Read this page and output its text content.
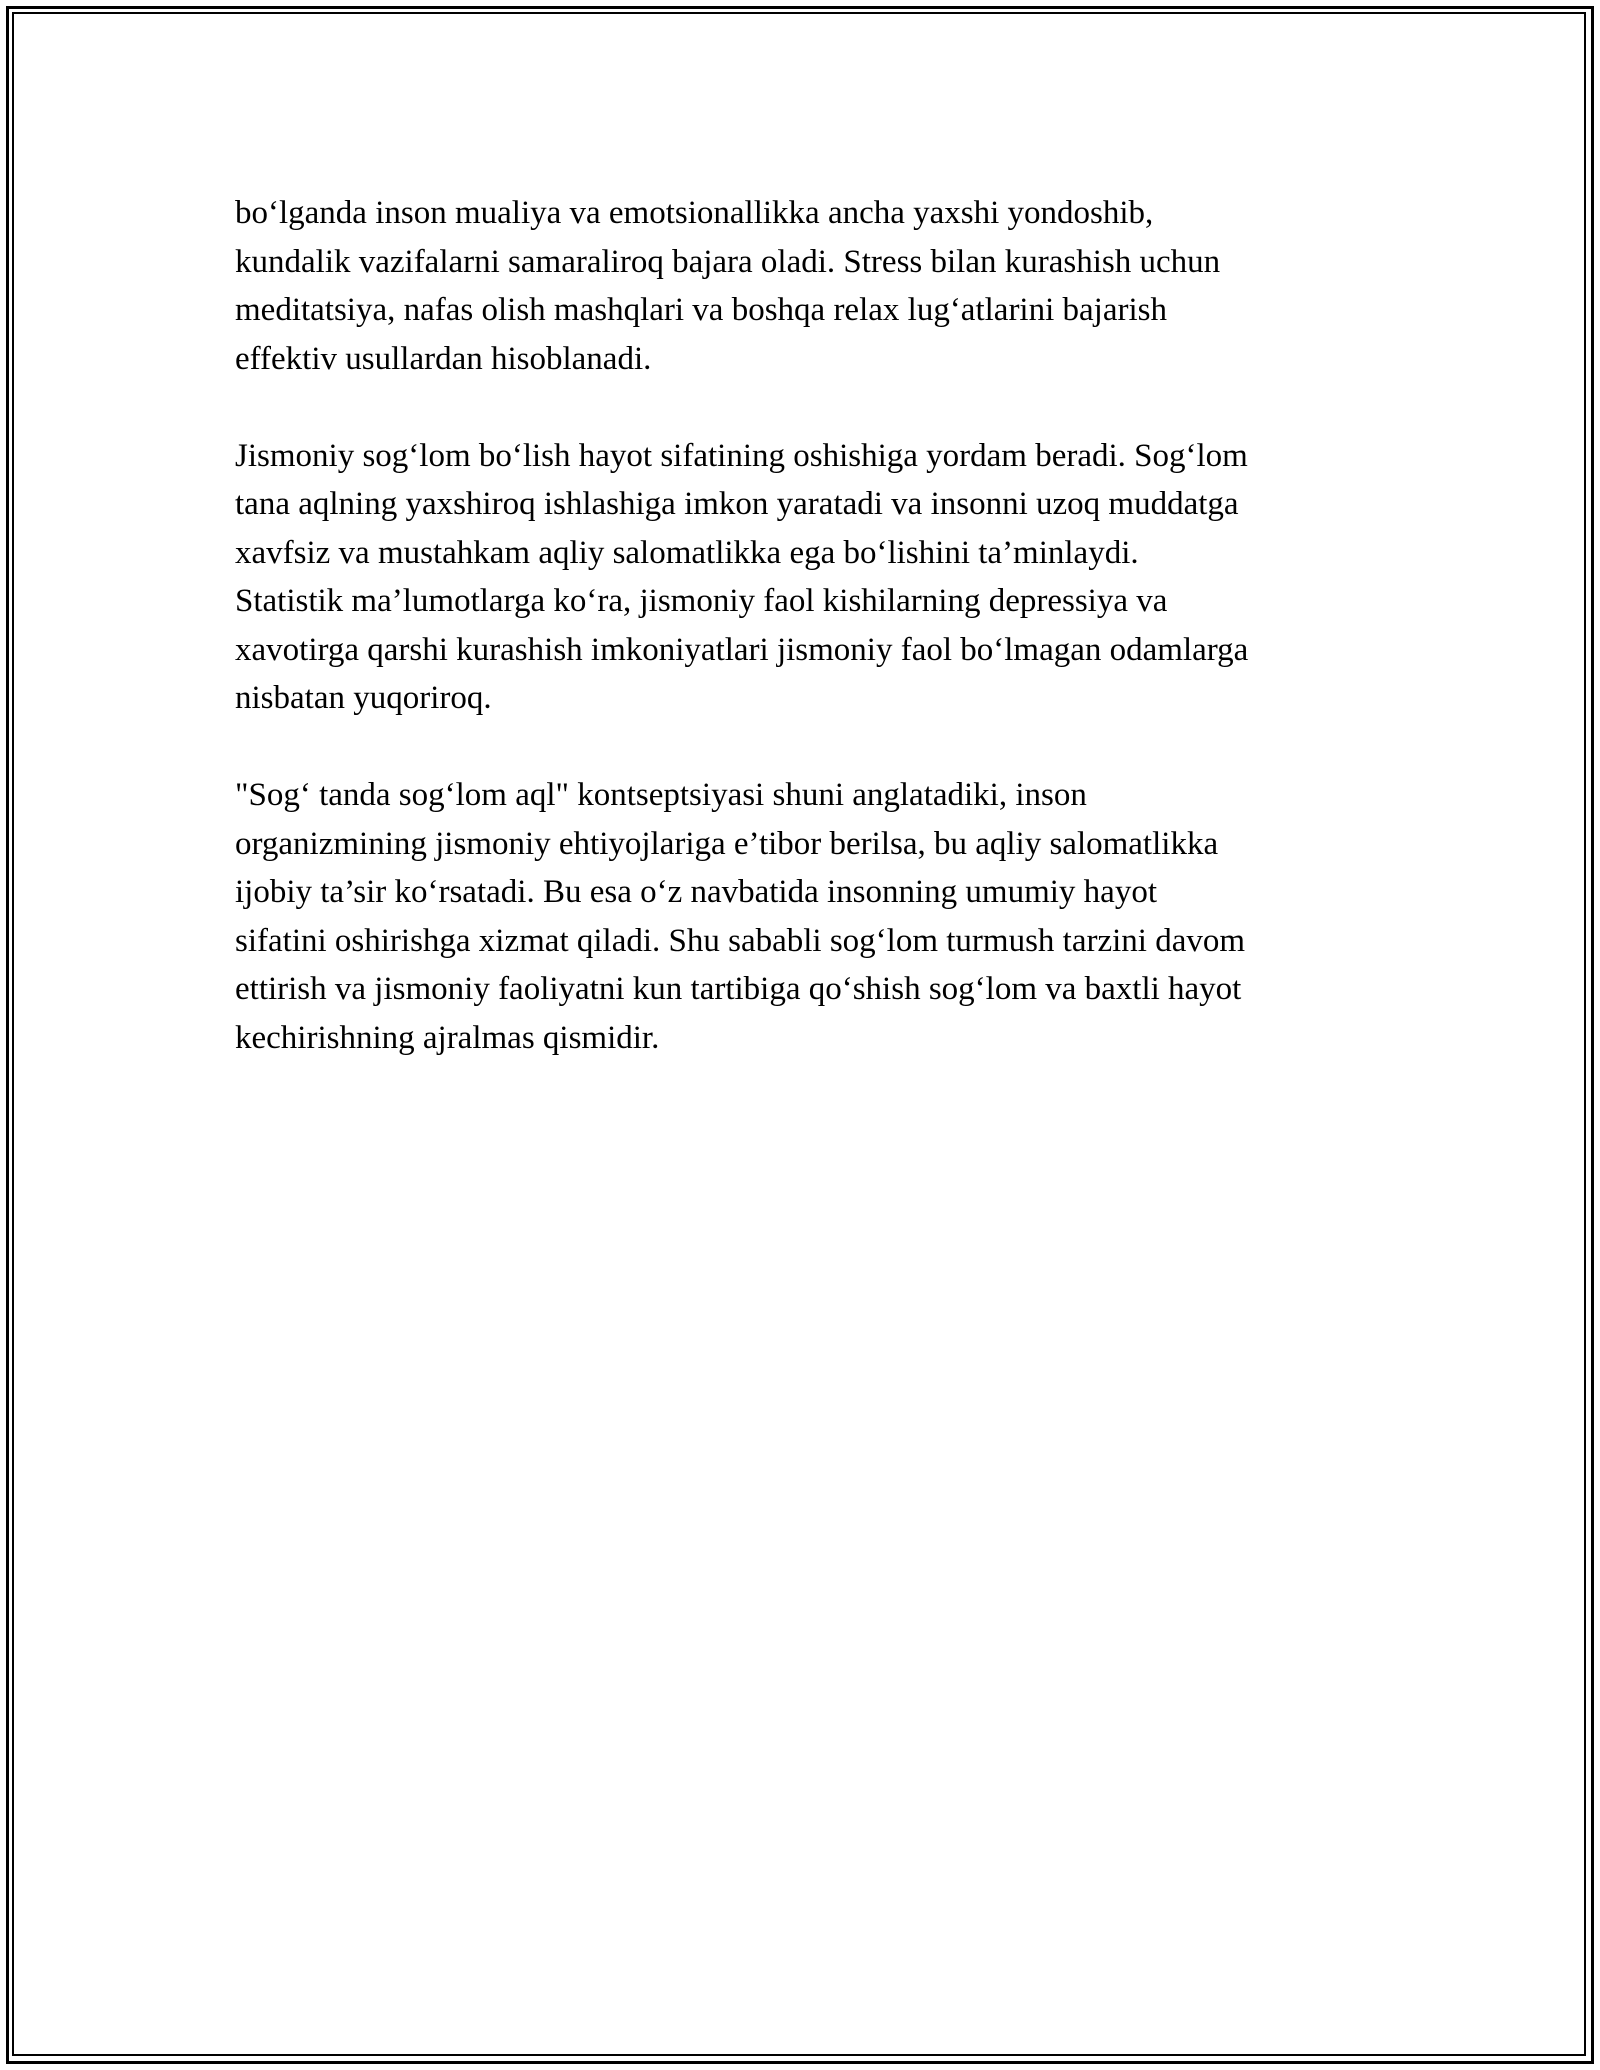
bo‘lganda inson mualiya va emotsionallikka ancha yaxshi yondoshib,
kundalik vazifalarni samaraliroq bajara oladi. Stress bilan kurashish uchun
meditatsiya, nafas olish mashqlari va boshqa relax lug‘atlarini bajarish
effektiv usullardan hisoblanadi.

Jismoniy sog‘lom bo‘lish hayot sifatining oshishiga yordam beradi. Sog‘lom
tana aqlning yaxshiroq ishlashiga imkon yaratadi va insonni uzoq muddatga
xavfsiz va mustahkam aqliy salomatlikka ega bo‘lishini ta’minlaydi.
Statistik ma’lumotlarga ko‘ra, jismoniy faol kishilarning depressiya va
xavotirga qarshi kurashish imkoniyatlari jismoniy faol bo‘lmagan odamlarga
nisbatan yuqoriroq.

"Sog‘ tanda sog‘lom aql" kontseptsiyasi shuni anglatadiki, inson
organizmining jismoniy ehtiyojlariga e’tibor berilsa, bu aqliy salomatlikka
ijobiy ta’sir ko‘rsatadi. Bu esa o‘z navbatida insonning umumiy hayot
sifatini oshirishga xizmat qiladi. Shu sababli sog‘lom turmush tarzini davom
ettirish va jismoniy faoliyatni kun tartibiga qo‘shish sog‘lom va baxtli hayot
kechirishning ajralmas qismidir.
